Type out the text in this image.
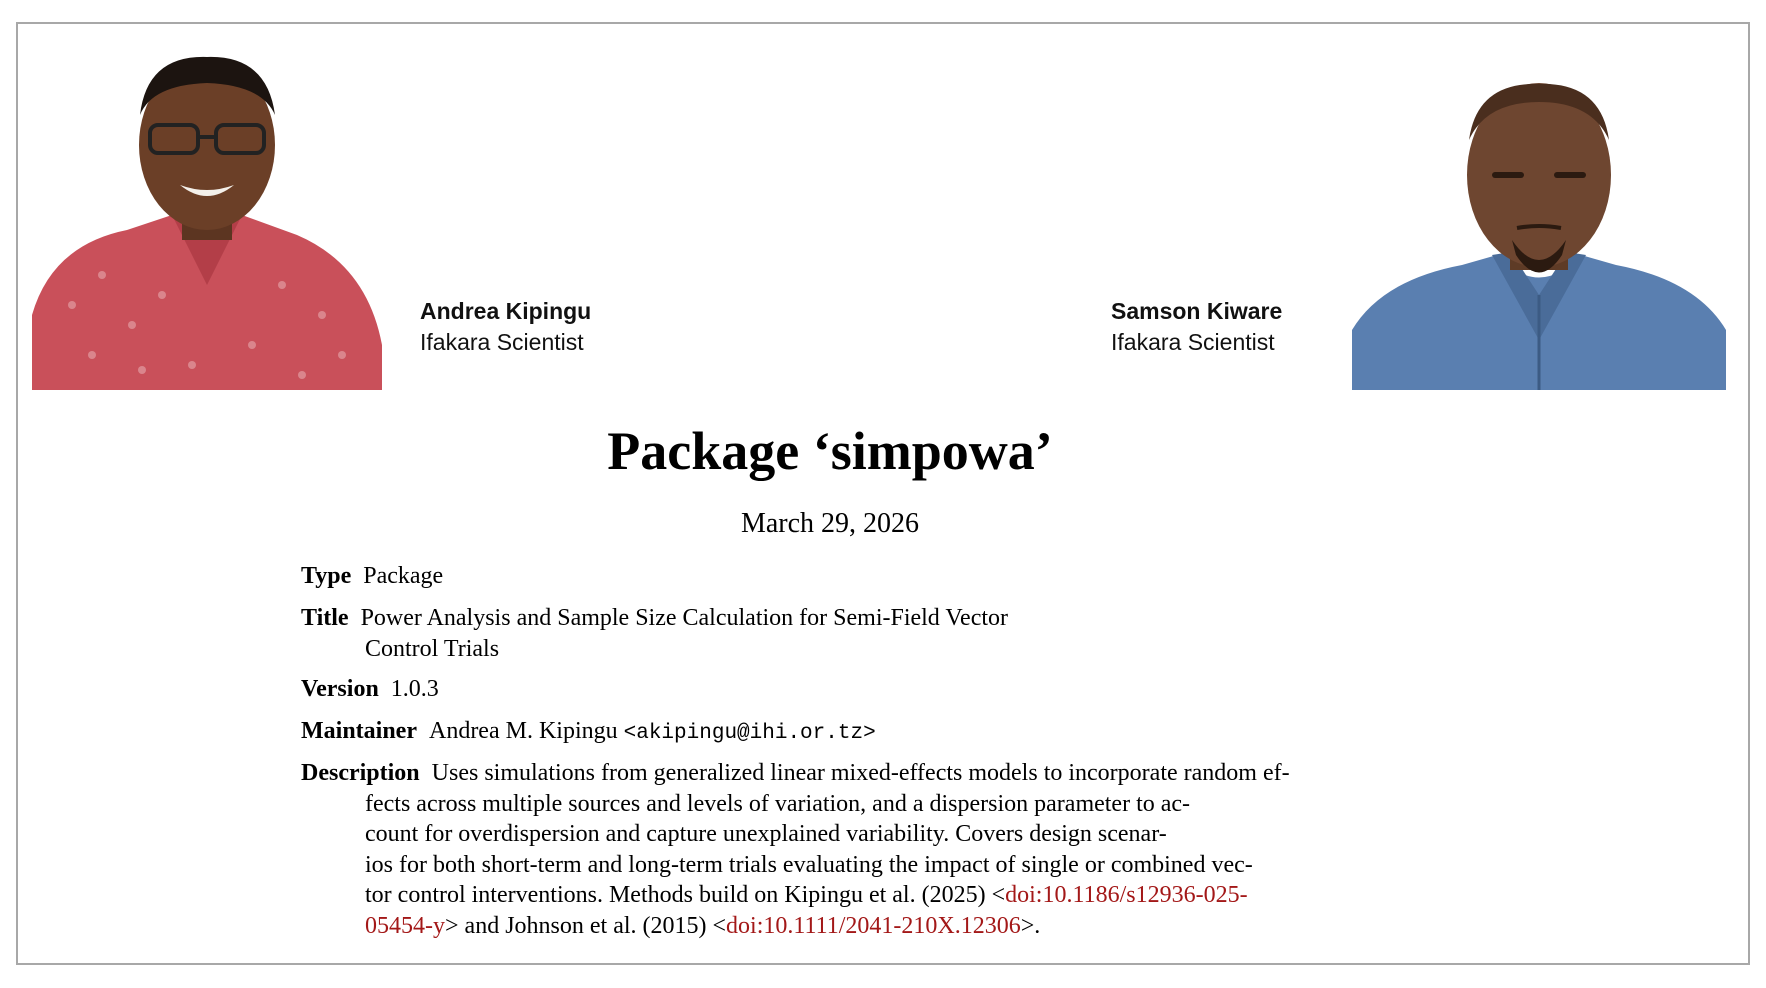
Andrea Kipingu
Ifakara Scientist
Samson Kiware
Ifakara Scientist
Package ‘simpowa’
March 29, 2026
Type Package
Title Power Analysis and Sample Size Calculation for Semi-Field Vector
Control Trials
Version 1.0.3
Maintainer Andrea M. Kipingu <akipingu@ihi.or.tz>
Description Uses simulations from generalized linear mixed-effects models to incorporate random ef-
fects across multiple sources and levels of variation, and a dispersion parameter to ac-
count for overdispersion and capture unexplained variability. Covers design scenar-
ios for both short-term and long-term trials evaluating the impact of single or combined vec-
tor control interventions. Methods build on Kipingu et al. (2025) <doi:10.1186/s12936-025-
05454-y> and Johnson et al. (2015) <doi:10.1111/2041-210X.12306>.
